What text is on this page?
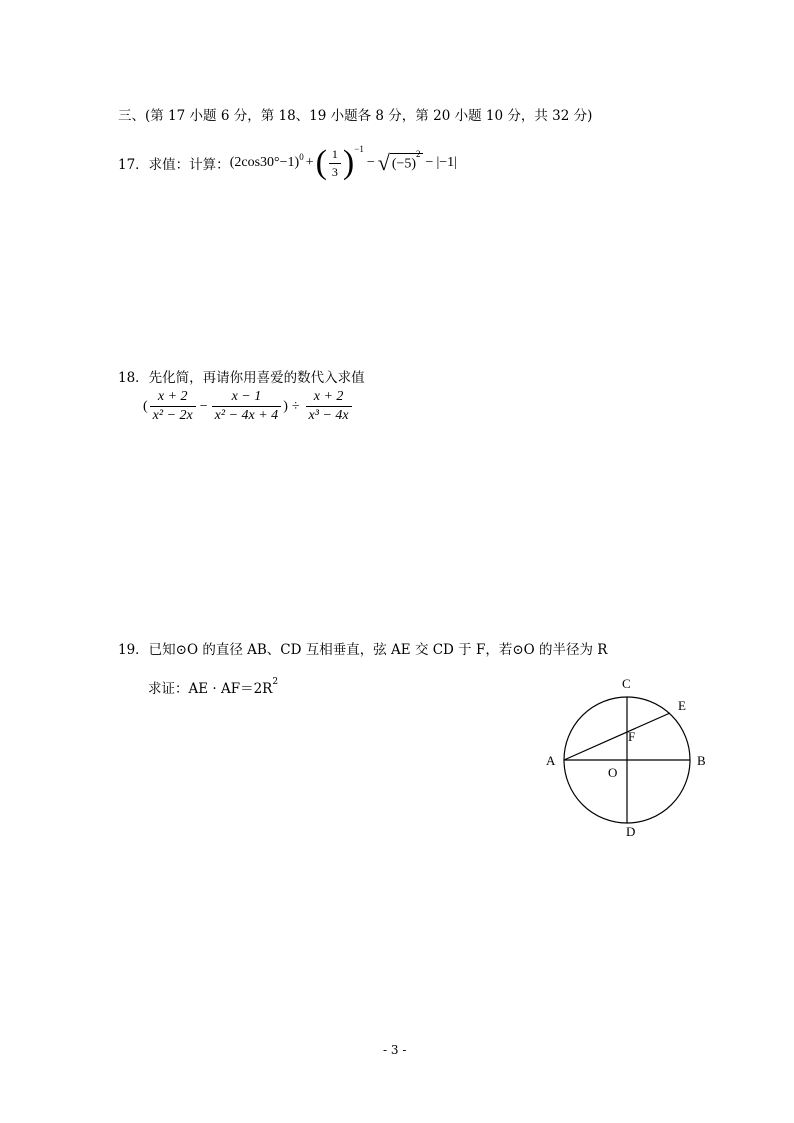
三、(第 17 小题 6 分，第 18、19 小题各 8 分，第 20 小题 10 分，共 32 分)
17．求值：计算： ( 2cos30°−1 )$^0$ + ( $\frac{1}{3} )^{-1}$
− √ $(-5)^2$
− |−1|
18．先化简，再请你用喜爱的数代入求值
( $\frac{x + 2}{\text{x² − 2x}} - \frac{x - 1}{\text{x² − 4x + 4}}$ ) ÷ $\frac{x + 2}{\text{x³ − 4x}}$
19．已知⊙O 的直径 AB、CD 互相垂直，弦 AE 交 CD 于 F，若⊙O 的半径为 R
求证：AE · $AF=2R^2$
A	B
C
D
E
F
O
- 3 -
